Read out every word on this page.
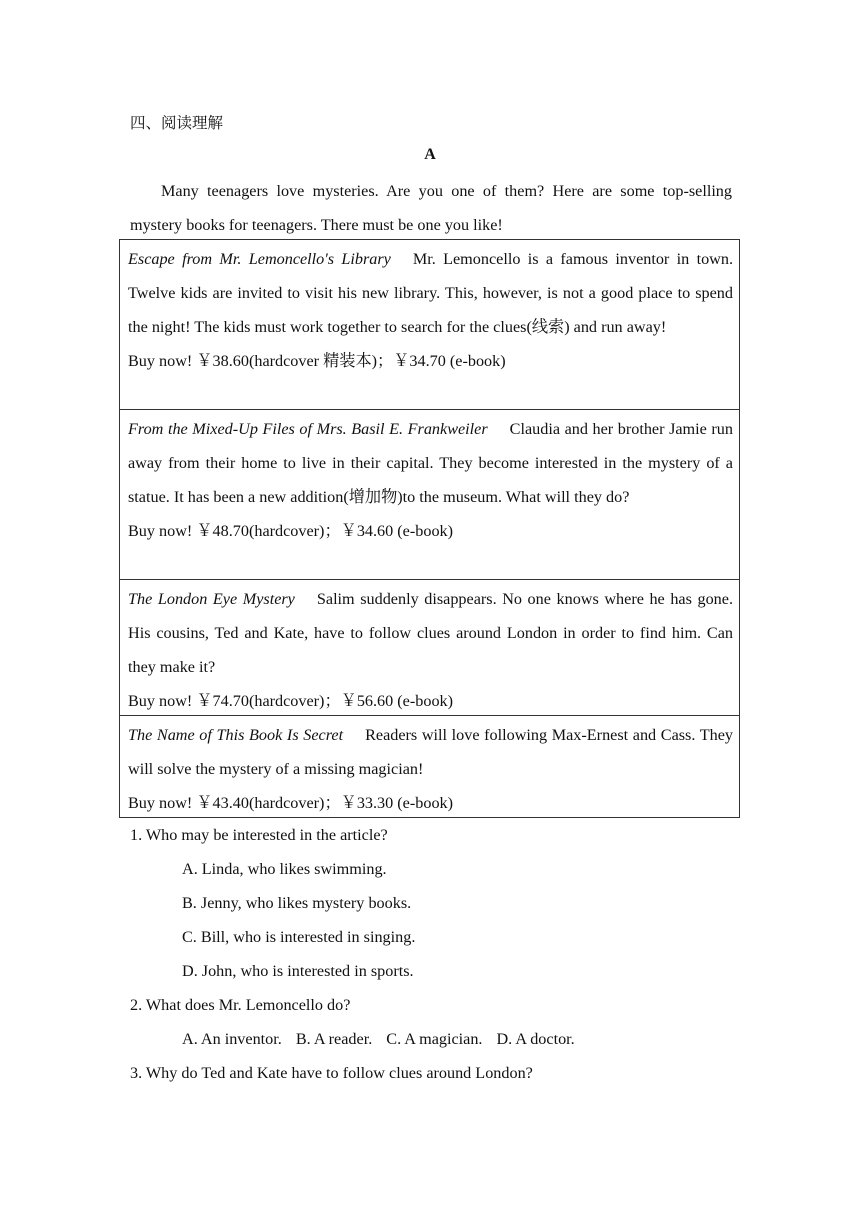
四、阅读理解
A
Many teenagers love mysteries. Are you one of them? Here are some top-selling mystery books for teenagers. There must be one you like!
Escape from Mr. Lemoncello's Library Mr. Lemoncello is a famous inventor in town. Twelve kids are invited to visit his new library. This, however, is not a good place to spend the night! The kids must work together to search for the clues(线索) and run away!
Buy now! ￥38.60(hardcover 精装本)；￥34.70 (e-book)
From the Mixed-Up Files of Mrs. Basil E. Frankweiler Claudia and her brother Jamie run away from their home to live in their capital. They become interested in the mystery of a statue. It has been a new addition(增加物)to the museum. What will they do?
Buy now! ￥48.70(hardcover)；￥34.60 (e-book)
The London Eye Mystery Salim suddenly disappears. No one knows where he has gone. His cousins, Ted and Kate, have to follow clues around London in order to find him. Can they make it?
Buy now! ￥74.70(hardcover)；￥56.60 (e-book)
The Name of This Book Is Secret Readers will love following Max-Ernest and Cass. They will solve the mystery of a missing magician!
Buy now! ￥43.40(hardcover)；￥33.30 (e-book)
1. Who may be interested in the article?
A. Linda, who likes swimming.
B. Jenny, who likes mystery books.
C. Bill, who is interested in singing.
D. John, who is interested in sports.
2. What does Mr. Lemoncello do?
A. An inventor. B. A reader. C. A magician. D. A doctor.
3. Why do Ted and Kate have to follow clues around London?
